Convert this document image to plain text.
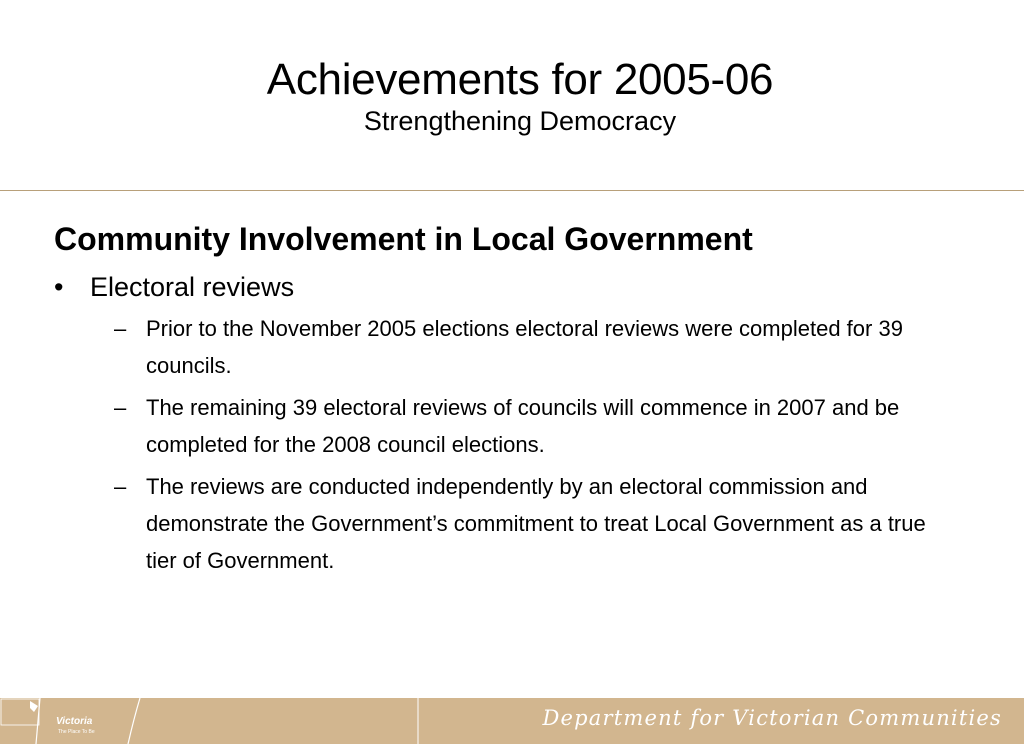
Achievements for 2005-06
Strengthening Democracy
Community Involvement in Local Government
• Electoral reviews
– Prior to the November 2005 elections electoral reviews were completed for 39 councils.
– The remaining 39 electoral reviews of councils will commence in 2007 and be completed for the 2008 council elections.
– The reviews are conducted independently by an electoral commission and demonstrate the Government’s commitment to treat Local Government as a true tier of Government.
Victoria
The Place To Be
Department for Victorian Communities
